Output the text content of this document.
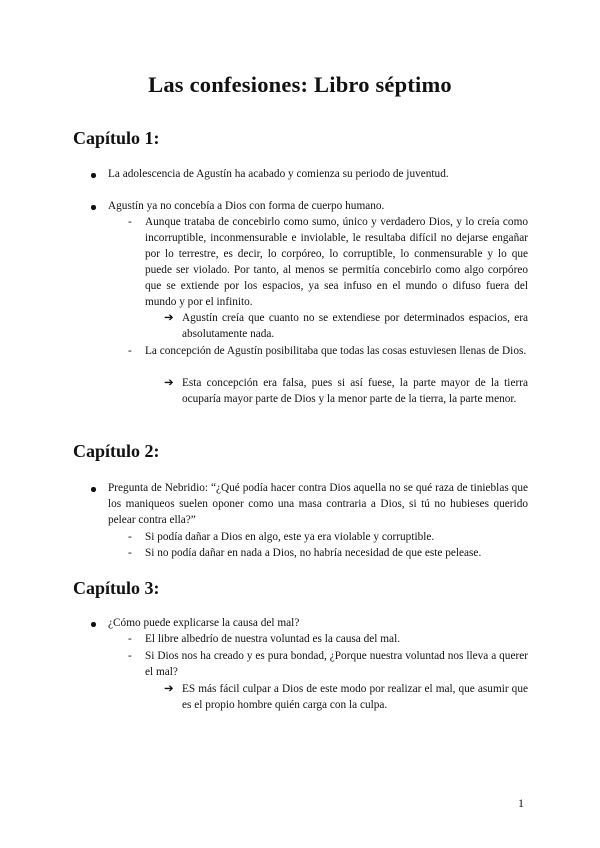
Las confesiones: Libro séptimo
Capítulo 1:
La adolescencia de Agustín ha acabado y comienza su periodo de juventud.
Agustín ya no concebía a Dios con forma de cuerpo humano.
- Aunque trataba de concebirlo como sumo, único y verdadero Dios, y lo creía como incorruptible, inconmensurable e inviolable, le resultaba difícil no dejarse engañar por lo terrestre, es decir, lo corpóreo, lo corruptible, lo conmensurable y lo que puede ser violado. Por tanto, al menos se permitía concebirlo como algo corpóreo que se extiende por los espacios, ya sea infuso en el mundo o difuso fuera del mundo y por el infinito.
➔ Agustín creía que cuanto no se extendiese por determinados espacios, era absolutamente nada.
- La concepción de Agustín posibilitaba que todas las cosas estuviesen llenas de Dios.
➔ Esta concepción era falsa, pues si así fuese, la parte mayor de la tierra ocuparía mayor parte de Dios y la menor parte de la tierra, la parte menor.
Capítulo 2:
Pregunta de Nebridio: “¿Qué podía hacer contra Dios aquella no se qué raza de tinieblas que los maniqueos suelen oponer como una masa contraria a Dios, si tú no hubieses querido pelear contra ella?”
- Si podía dañar a Dios en algo, este ya era violable y corruptible.
- Si no podía dañar en nada a Dios, no habría necesidad de que este pelease.
Capítulo 3:
¿Cómo puede explicarse la causa del mal?
- El libre albedrío de nuestra voluntad es la causa del mal.
- Si Dios nos ha creado y es pura bondad, ¿Porque nuestra voluntad nos lleva a querer el mal?
➔ ES más fácil culpar a Dios de este modo por realizar el mal, que asumir que es el propio hombre quién carga con la culpa.
1
